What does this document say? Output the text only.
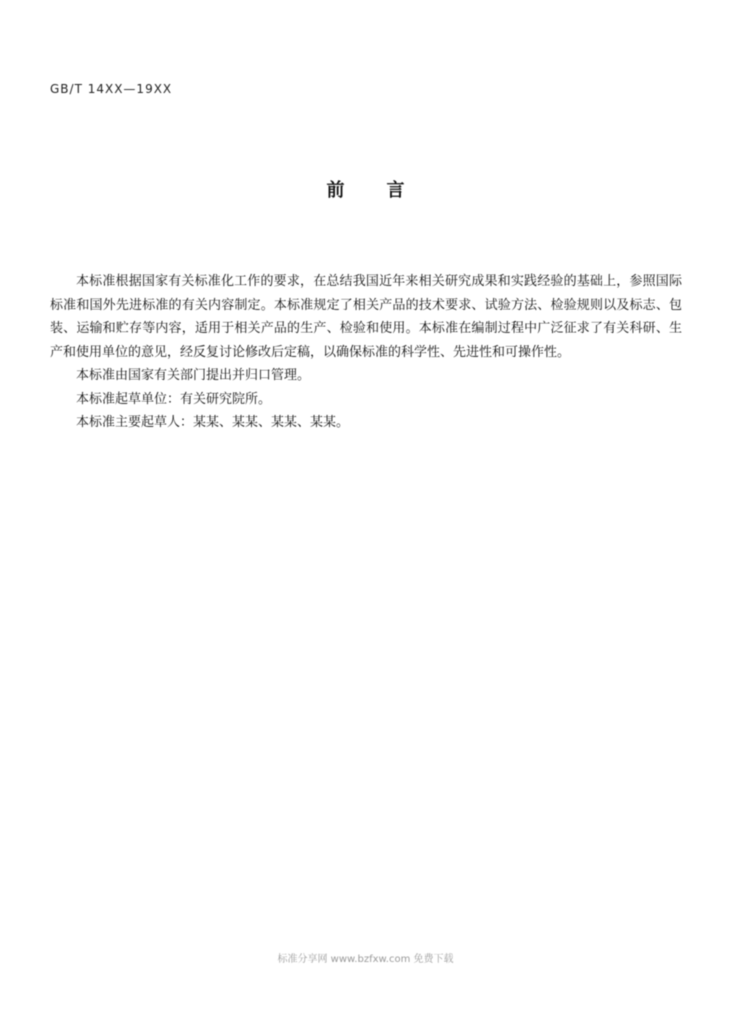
GB/T 14XX—19XX
前言

本标准根据国家有关标准化工作的要求，在总结我国近年来相关研究成果和实践经验的基础上，参照国际标准和国外先进标准的有关内容制定。本标准规定了相关产品的技术要求、试验方法、检验规则以及标志、包装、运输和贮存等内容，适用于相关产品的生产、检验和使用。本标准在编制过程中广泛征求了有关科研、生产和使用单位的意见，经反复讨论修改后定稿，以确保标准的科学性、先进性和可操作性。

本标准由国家有关部门提出并归口管理。

本标准起草单位：有关研究院所。

本标准主要起草人：某某、某某、某某、某某。

标准分享网 www.bzfxw.com 免费下载
